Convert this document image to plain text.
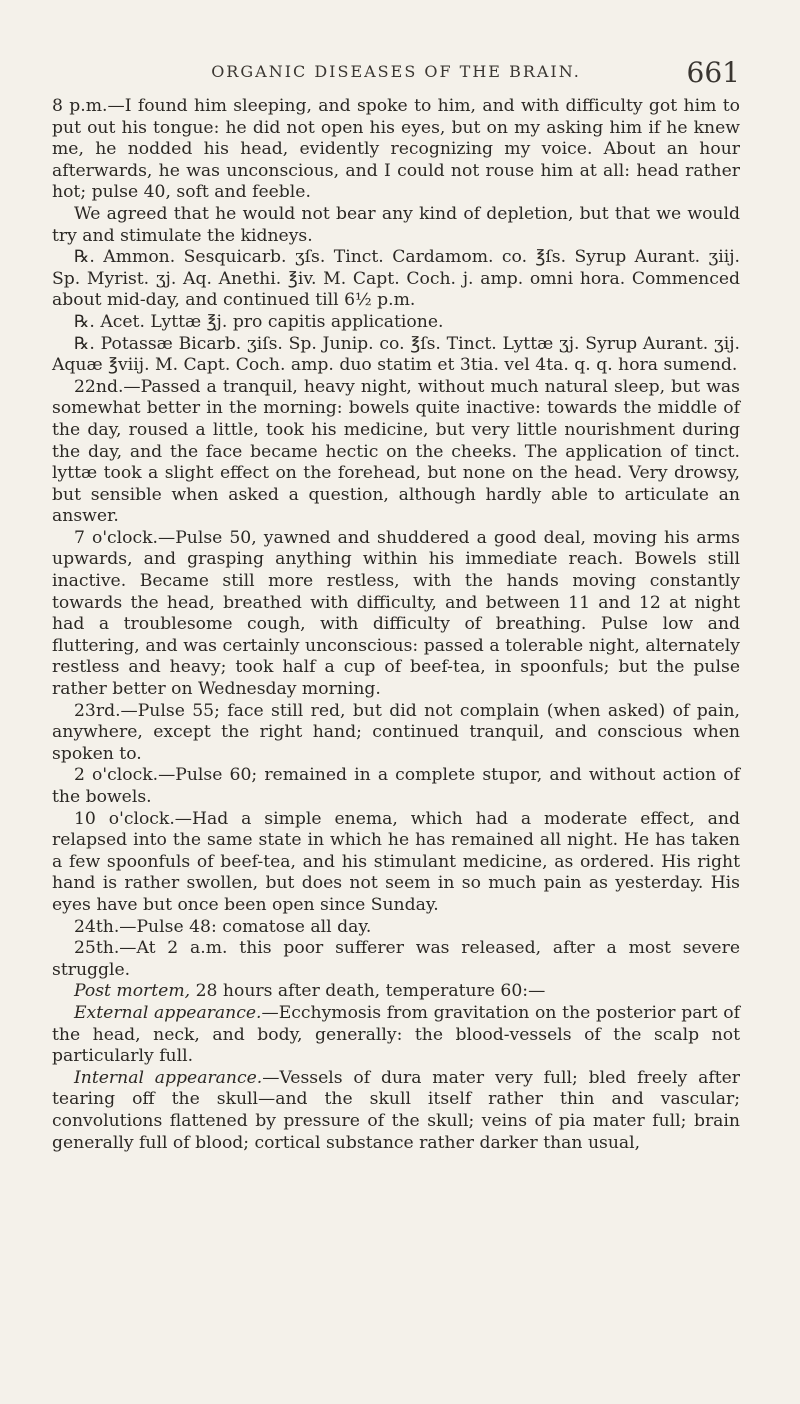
ORGANIC DISEASES OF THE BRAIN.	661

8 p.m.—I found him sleeping, and spoke to him, and with difficulty got him to put out his tongue: he did not open his eyes, but on my asking him if he knew me, he nodded his head, evidently recognizing my voice. About an hour afterwards, he was unconscious, and I could not rouse him at all: head rather hot; pulse 40, soft and feeble.

We agreed that he would not bear any kind of depletion, but that we would try and stimulate the kidneys.

℞. Ammon. Sesquicarb. ʒſs. Tinct. Cardamom. co. ℥ſs. Syrup Aurant. ʒiij. Sp. Myrist. ʒj. Aq. Anethi. ℥iv. M. Capt. Coch. j. amp. omni hora. Commenced about mid-day, and continued till 6½ p.m.

℞. Acet. Lyttæ ℥j. pro capitis applicatione.

℞. Potassæ Bicarb. ʒiſs. Sp. Junip. co. ℥ſs. Tinct. Lyttæ ʒj. Syrup Aurant. ʒij. Aquæ ℥viij. M. Capt. Coch. amp. duo statim et 3tia. vel 4ta. q. q. hora sumend.

22nd.—Passed a tranquil, heavy night, without much natural sleep, but was somewhat better in the morning: bowels quite inactive: towards the middle of the day, roused a little, took his medicine, but very little nourishment during the day, and the face became hectic on the cheeks. The application of tinct. lyttæ took a slight effect on the forehead, but none on the head. Very drowsy, but sensible when asked a question, although hardly able to articulate an answer.

7 o'clock.—Pulse 50, yawned and shuddered a good deal, moving his arms upwards, and grasping anything within his immediate reach. Bowels still inactive. Became still more restless, with the hands moving constantly towards the head, breathed with difficulty, and between 11 and 12 at night had a troublesome cough, with difficulty of breathing. Pulse low and fluttering, and was certainly unconscious: passed a tolerable night, alternately restless and heavy; took half a cup of beef-tea, in spoonfuls; but the pulse rather better on Wednesday morning.

23rd.—Pulse 55; face still red, but did not complain (when asked) of pain, anywhere, except the right hand; continued tranquil, and conscious when spoken to.

2 o'clock.—Pulse 60; remained in a complete stupor, and without action of the bowels.

10 o'clock.—Had a simple enema, which had a moderate effect, and relapsed into the same state in which he has remained all night. He has taken a few spoonfuls of beef-tea, and his stimulant medicine, as ordered. His right hand is rather swollen, but does not seem in so much pain as yesterday. His eyes have but once been open since Sunday.

24th.—Pulse 48: comatose all day.

25th.—At 2 a.m. this poor sufferer was released, after a most severe struggle.

Post mortem, 28 hours after death, temperature 60:—

External appearance.—Ecchymosis from gravitation on the posterior part of the head, neck, and body, generally: the blood-vessels of the scalp not particularly full.

Internal appearance.—Vessels of dura mater very full; bled freely after tearing off the skull—and the skull itself rather thin and vascular; convolutions flattened by pressure of the skull; veins of pia mater full; brain generally full of blood; cortical substance rather darker than usual,
